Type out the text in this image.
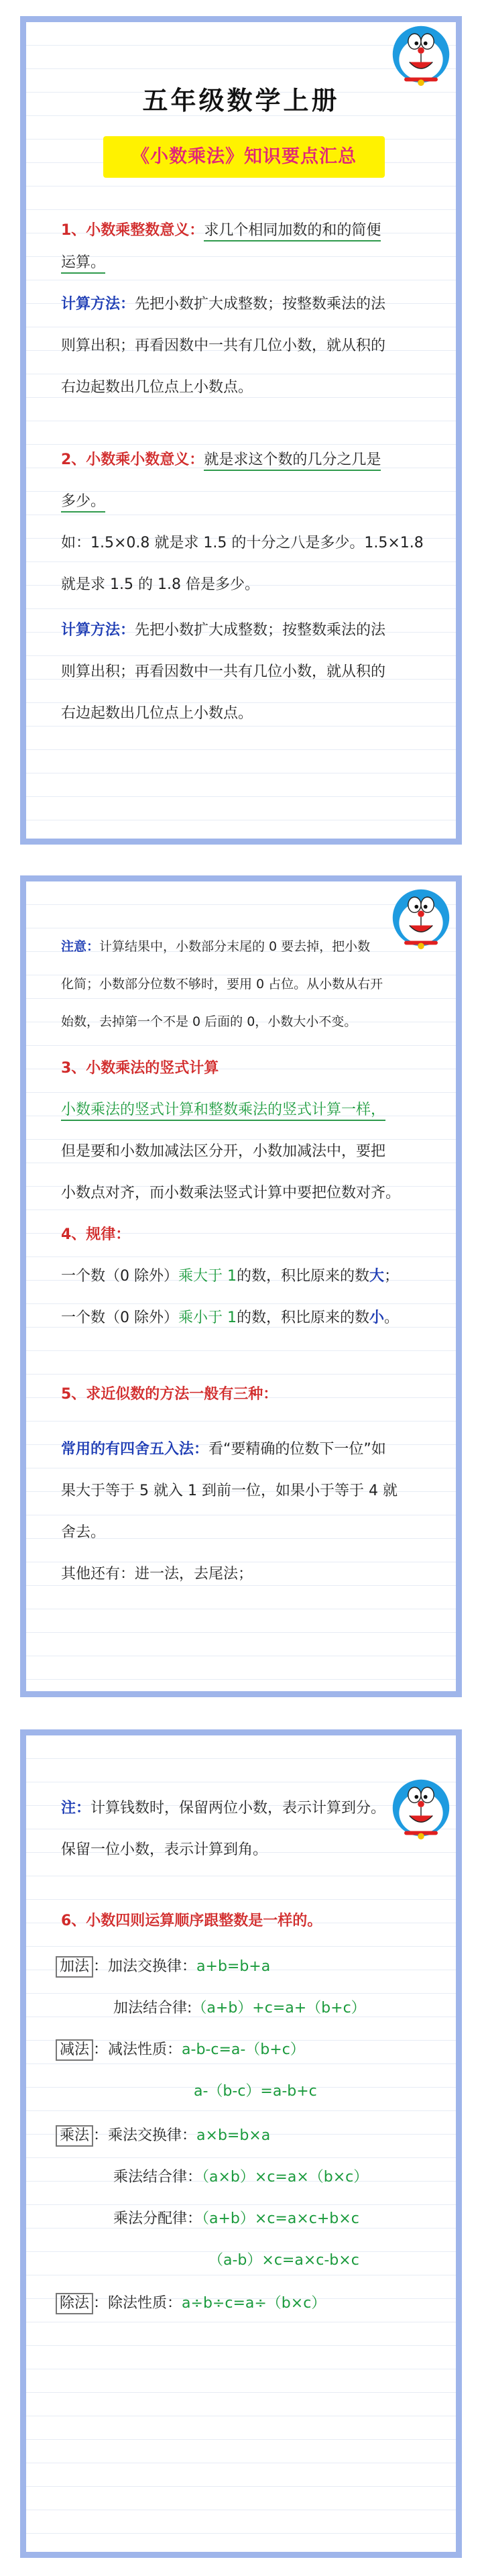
五年级数学上册
《小数乘法》知识要点汇总
1、小数乘整数意义：求几个相同加数的和的简便
运算。
计算方法：先把小数扩大成整数；按整数乘法的法
则算出积；再看因数中一共有几位小数，就从积的
右边起数出几位点上小数点。
2、小数乘小数意义：就是求这个数的几分之几是
多少。
如：1.5×0.8 就是求 1.5 的十分之八是多少。1.5×1.8
就是求 1.5 的 1.8 倍是多少。
计算方法：先把小数扩大成整数；按整数乘法的法
则算出积；再看因数中一共有几位小数，就从积的
右边起数出几位点上小数点。
注意：计算结果中，小数部分末尾的 0 要去掉，把小数
化简；小数部分位数不够时，要用 0 占位。从小数从右开
始数，去掉第一个不是 0 后面的 0，小数大小不变。
3、小数乘法的竖式计算
小数乘法的竖式计算和整数乘法的竖式计算一样，
但是要和小数加减法区分开，小数加减法中，要把
小数点对齐，而小数乘法竖式计算中要把位数对齐。
4、规律：
一个数（0 除外）乘大于 1的数，积比原来的数大；
一个数（0 除外）乘小于 1的数，积比原来的数小。
5、求近似数的方法一般有三种：
常用的有四舍五入法：看“要精确的位数下一位”如
果大于等于 5 就入 1 到前一位，如果小于等于 4 就
舍去。
其他还有：进一法，去尾法；
注：计算钱数时，保留两位小数，表示计算到分。
保留一位小数，表示计算到角。
6、小数四则运算顺序跟整数是一样的。
加法 ：加法交换律：a+b=b+a
加法结合律:（a+b）+c=a+（b+c）
减法 ：减法性质：a-b-c=a-（b+c）
a-（b-c）=a-b+c
乘法 ：乘法交换律：a×b=b×a
乘法结合律：（a×b）×c=a×（b×c）
乘法分配律：（a+b）×c=a×c+b×c
（a-b）×c=a×c-b×c
除法 ：除法性质：a÷b÷c=a÷（b×c）
